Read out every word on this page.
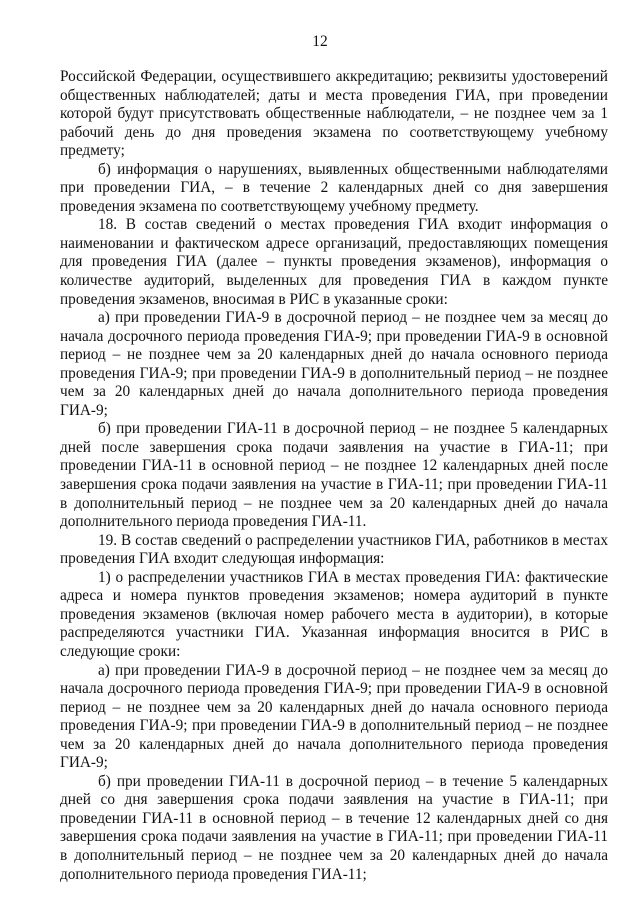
12

Российской Федерации, осуществившего аккредитацию; реквизиты удостоверений общественных наблюдателей; даты и места проведения ГИА, при проведении которой будут присутствовать общественные наблюдатели, – не позднее чем за 1 рабочий день до дня проведения экзамена по соответствующему учебному предмету;

б) информация о нарушениях, выявленных общественными наблюдателями при проведении ГИА, – в течение 2 календарных дней со дня завершения проведения экзамена по соответствующему учебному предмету.

18. В состав сведений о местах проведения ГИА входит информация о наименовании и фактическом адресе организаций, предоставляющих помещения для проведения ГИА (далее – пункты проведения экзаменов), информация о количестве аудиторий, выделенных для проведения ГИА в каждом пункте проведения экзаменов, вносимая в РИС в указанные сроки:

а) при проведении ГИА-9 в досрочной период – не позднее чем за месяц до начала досрочного периода проведения ГИА-9; при проведении ГИА-9 в основной период – не позднее чем за 20 календарных дней до начала основного периода проведения ГИА-9; при проведении ГИА-9 в дополнительный период – не позднее чем за 20 календарных дней до начала дополнительного периода проведения ГИА-9;

б) при проведении ГИА-11 в досрочной период – не позднее 5 календарных дней после завершения срока подачи заявления на участие в ГИА-11; при проведении ГИА-11 в основной период – не позднее 12 календарных дней после завершения срока подачи заявления на участие в ГИА-11; при проведении ГИА-11 в дополнительный период – не позднее чем за 20 календарных дней до начала дополнительного периода проведения ГИА-11.

19. В состав сведений о распределении участников ГИА, работников в местах проведения ГИА входит следующая информация:

1) о распределении участников ГИА в местах проведения ГИА: фактические адреса и номера пунктов проведения экзаменов; номера аудиторий в пункте проведения экзаменов (включая номер рабочего места в аудитории), в которые распределяются участники ГИА. Указанная информация вносится в РИС в следующие сроки:

а) при проведении ГИА-9 в досрочной период – не позднее чем за месяц до начала досрочного периода проведения ГИА-9; при проведении ГИА-9 в основной период – не позднее чем за 20 календарных дней до начала основного периода проведения ГИА-9; при проведении ГИА-9 в дополнительный период – не позднее чем за 20 календарных дней до начала дополнительного периода проведения ГИА-9;

б) при проведении ГИА-11 в досрочной период – в течение 5 календарных дней со дня завершения срока подачи заявления на участие в ГИА-11; при проведении ГИА-11 в основной период – в течение 12 календарных дней со дня завершения срока подачи заявления на участие в ГИА-11; при проведении ГИА-11 в дополнительный период – не позднее чем за 20 календарных дней до начала дополнительного периода проведения ГИА-11;
